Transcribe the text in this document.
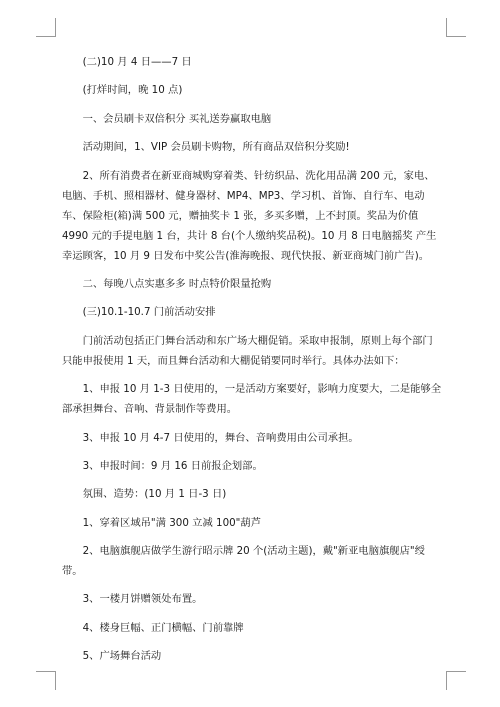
(二)10 月 4 日——7 日

(打烊时间，晚 10 点)

一、会员刷卡双倍积分 买礼送券赢取电脑

活动期间，1、VIP 会员刷卡购物，所有商品双倍积分奖励!

2、所有消费者在新亚商城购穿着类、针纺织品、洗化用品满 200 元，家电、电脑、手机、照相器材、健身器材、MP4、MP3、学习机、首饰、自行车、电动 车、保险柜(箱)满 500 元，赠抽奖卡 1 张，多买多赠，上不封顶。奖品为价值 4990 元的手提电脑 1 台，共计 8 台(个人缴纳奖品税)。10 月 8 日电脑摇奖 产生幸运顾客，10 月 9 日发布中奖公告(淮海晚报、现代快报、新亚商城门前广告)。

二、每晚八点实惠多多 时点特价限量抢购

(三)10.1-10.7 门前活动安排

门前活动包括正门舞台活动和东广场大棚促销。采取申报制，原则上每个部门只能申报使用 1 天，而且舞台活动和大棚促销要同时举行。具体办法如下：

1、申报 10 月 1-3 日使用的，一是活动方案要好，影响力度要大，二是能够全部承担舞台、音响、背景制作等费用。

3、申报 10 月 4-7 日使用的，舞台、音响费用由公司承担。

3、申报时间：9 月 16 日前报企划部。

氛围、造势：(10 月 1 日-3 日)

1、穿着区域吊"满 300 立减 100"葫芦

2、电脑旗舰店做学生游行昭示牌 20 个(活动主题)，戴"新亚电脑旗舰店"绶带。

3、一楼月饼赠领处布置。

4、楼身巨幅、正门横幅、门前靠牌

5、广场舞台活动
